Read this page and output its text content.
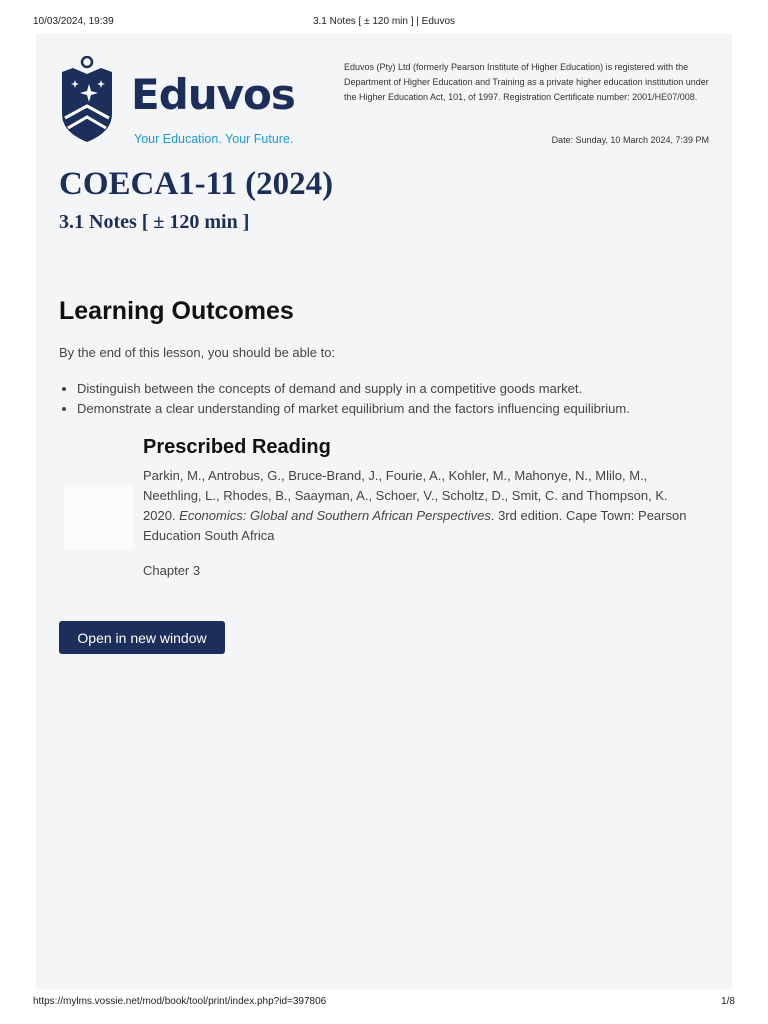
10/03/2024, 19:39	3.1 Notes [ ± 120 min ] | Eduvos
Eduvos
Your Education. Your Future.
Eduvos (Pty) Ltd (formerly Pearson Institute of Higher Education) is registered with the Department of Higher Education and Training as a private higher education institution under the Higher Education Act, 101, of 1997. Registration Certificate number: 2001/HE07/008.
Date: Sunday, 10 March 2024, 7:39 PM
COECA1-11 (2024)
3.1 Notes [ ± 120 min ]
Learning Outcomes

By the end of this lesson, you should be able to:

• Distinguish between the concepts of demand and supply in a competitive goods market.
• Demonstrate a clear understanding of market equilibrium and the factors influencing equilibrium.
Prescribed Reading

Parkin, M., Antrobus, G., Bruce-Brand, J., Fourie, A., Kohler, M., Mahonye, N., Mlilo, M., Neethling, L., Rhodes, B., Saayman, A., Schoer, V., Scholtz, D., Smit, C. and Thompson, K. 2020. Economics: Global and Southern African Perspectives. 3rd edition. Cape Town: Pearson Education South Africa

Chapter 3

Open in new window
https://mylms.vossie.net/mod/book/tool/print/index.php?id=397806	1/8
